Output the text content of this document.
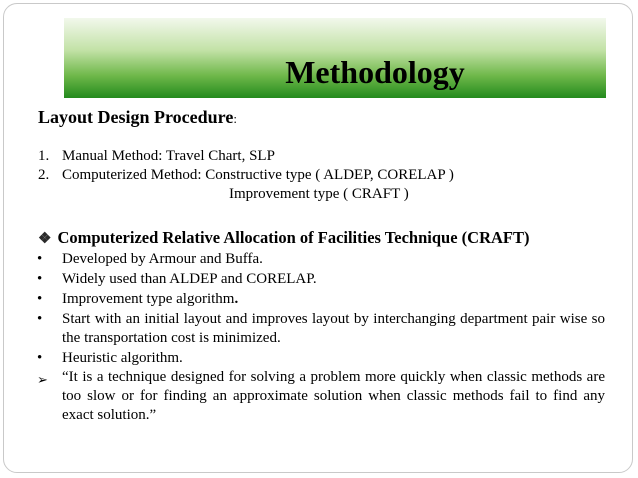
Methodology
Layout Design Procedure:
1. Manual Method: Travel Chart, SLP
2. Computerized Method: Constructive type ( ALDEP, CORELAP )
Improvement type ( CRAFT )
❖ Computerized Relative Allocation of Facilities Technique (CRAFT)
•	Developed by Armour and Buffa.
•	Widely used than ALDEP and CORELAP.
•	Improvement type algorithm.
•	Start with an initial layout and improves layout by interchanging department pair wise so the transportation cost is minimized.
•	Heuristic algorithm.
➢ “It is a technique designed for solving a problem more quickly when classic methods are too slow or for finding an approximate solution when classic methods fail to find any exact solution.”
